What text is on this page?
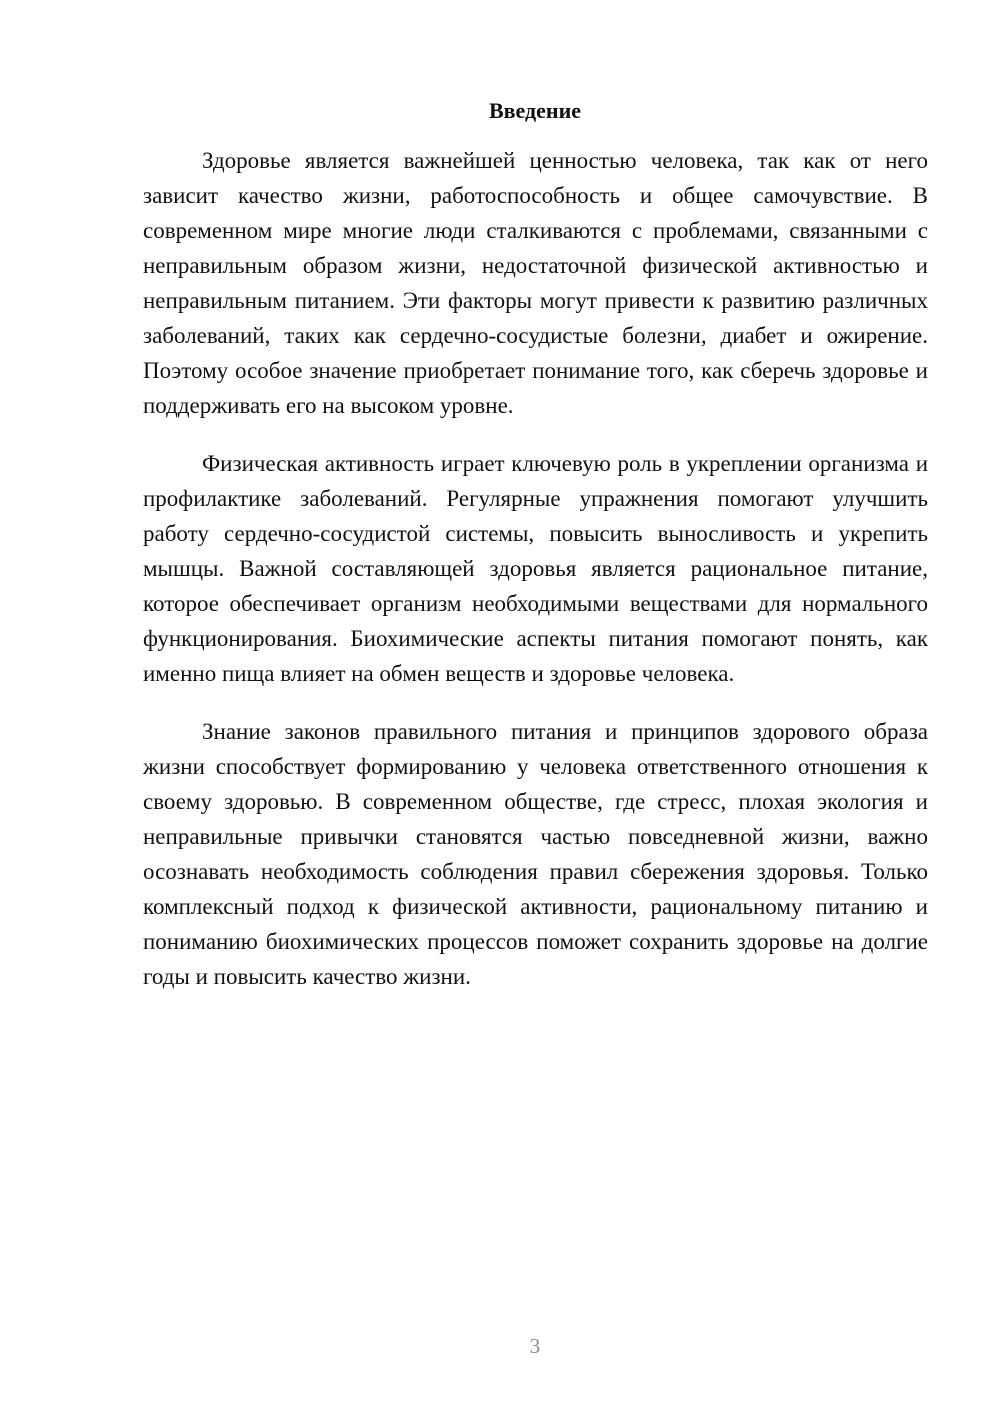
Введение

Здоровье является важнейшей ценностью человека, так как от него зависит качество жизни, работоспособность и общее самочувствие. В современном мире многие люди сталкиваются с проблемами, связанными с неправильным образом жизни, недостаточной физической активностью и неправильным питанием. Эти факторы могут привести к развитию различных заболеваний, таких как сердечно-сосудистые болезни, диабет и ожирение. Поэтому особое значение приобретает понимание того, как сберечь здоровье и поддерживать его на высоком уровне.

Физическая активность играет ключевую роль в укреплении организма и профилактике заболеваний. Регулярные упражнения помогают улучшить работу сердечно-сосудистой системы, повысить выносливость и укрепить мышцы. Важной составляющей здоровья является рациональное питание, которое обеспечивает организм необходимыми веществами для нормального функционирования. Биохимические аспекты питания помогают понять, как именно пища влияет на обмен веществ и здоровье человека.

Знание законов правильного питания и принципов здорового образа жизни способствует формированию у человека ответственного отношения к своему здоровью. В современном обществе, где стресс, плохая экология и неправильные привычки становятся частью повседневной жизни, важно осознавать необходимость соблюдения правил сбережения здоровья. Только комплексный подход к физической активности, рациональному питанию и пониманию биохимических процессов поможет сохранить здоровье на долгие годы и повысить качество жизни.

3
